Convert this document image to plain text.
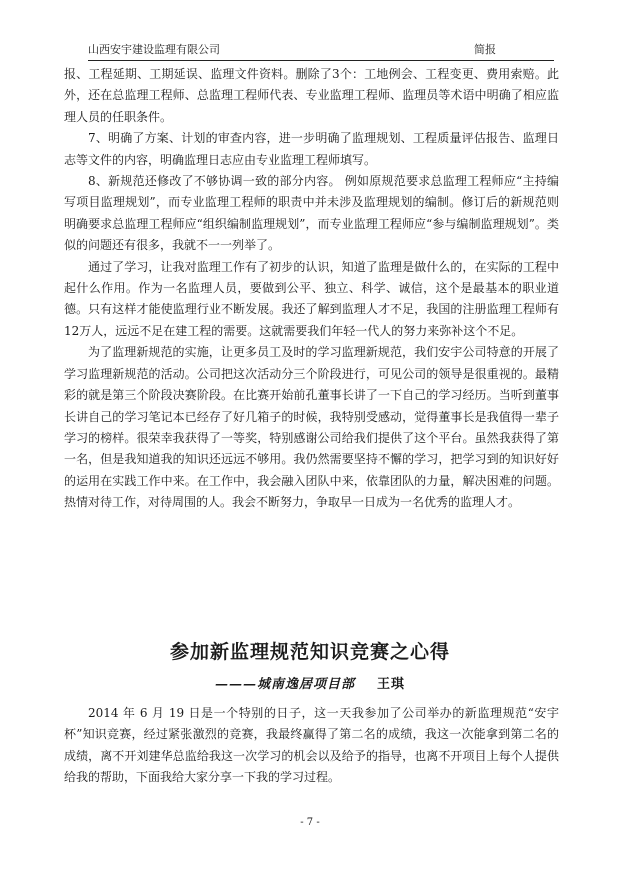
山西安宇建设监理有限公司	简报

报、工程延期、工期延误、监理文件资料。删除了3个：工地例会、工程变更、费用索赔。此外，还在总监理工程师、总监理工程师代表、专业监理工程师、监理员等术语中明确了相应监理人员的任职条件。

7、明确了方案、计划的审查内容，进一步明确了监理规划、工程质量评估报告、监理日志等文件的内容，明确监理日志应由专业监理工程师填写。

8、新规范还修改了不够协调一致的部分内容。 例如原规范要求总监理工程师应“主持编写项目监理规划”，而专业监理工程师的职责中并未涉及监理规划的编制。修订后的新规范则明确要求总监理工程师应“组织编制监理规划”，而专业监理工程师应“参与编制监理规划”。类似的问题还有很多，我就不一一列举了。

通过了学习，让我对监理工作有了初步的认识，知道了监理是做什么的，在实际的工程中起什么作用。作为一名监理人员，要做到公平、独立、科学、诚信，这个是最基本的职业道德。只有这样才能使监理行业不断发展。我还了解到监理人才不足，我国的注册监理工程师有12万人，远远不足在建工程的需要。这就需要我们年轻一代人的努力来弥补这个不足。

为了监理新规范的实施，让更多员工及时的学习监理新规范，我们安宇公司特意的开展了学习监理新规范的活动。公司把这次活动分三个阶段进行，可见公司的领导是很重视的。最精彩的就是第三个阶段决赛阶段。在比赛开始前孔董事长讲了一下自己的学习经历。当听到董事长讲自己的学习笔记本已经存了好几箱子的时候，我特别受感动，觉得董事长是我值得一辈子学习的榜样。很荣幸我获得了一等奖，特别感谢公司给我们提供了这个平台。虽然我获得了第一名，但是我知道我的知识还远远不够用。我仍然需要坚持不懈的学习，把学习到的知识好好的运用在实践工作中来。在工作中，我会融入团队中来，依靠团队的力量，解决困难的问题。热情对待工作，对待周围的人。我会不断努力，争取早一日成为一名优秀的监理人才。

参加新监理规范知识竞赛之心得
———城南逸居项目部 王琪

2014 年 6 月 19 日是一个特别的日子，这一天我参加了公司举办的新监理规范“安宇杯”知识竞赛，经过紧张激烈的竞赛，我最终赢得了第二名的成绩，我这一次能拿到第二名的成绩，离不开刘建华总监给我这一次学习的机会以及给予的指导，也离不开项目上每个人提供给我的帮助，下面我给大家分享一下我的学习过程。

- 7 -
